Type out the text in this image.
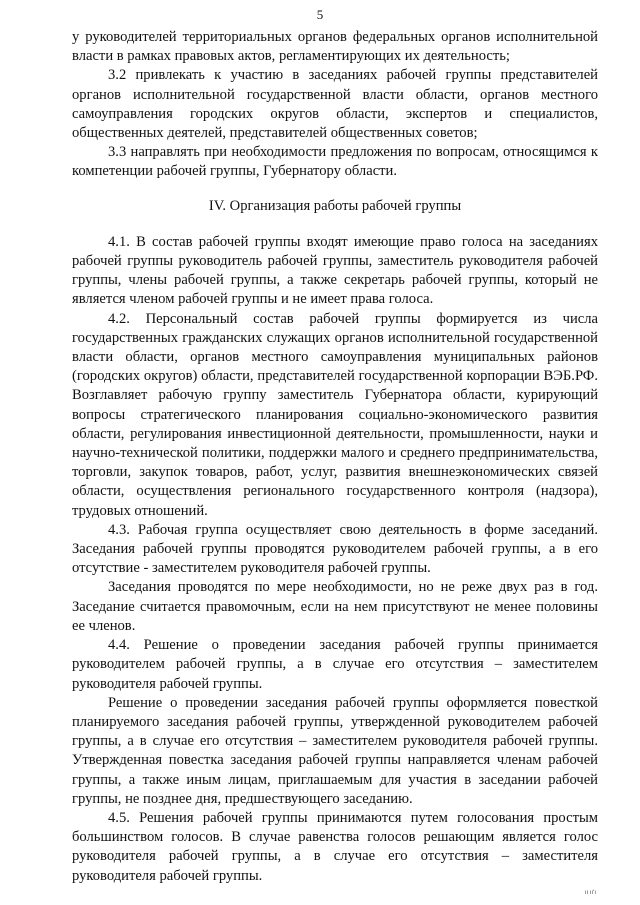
5

у руководителей территориальных органов федеральных органов исполнительной власти в рамках правовых актов, регламентирующих их деятельность;

3.2 привлекать к участию в заседаниях рабочей группы представителей органов исполнительной государственной власти области, органов местного самоуправления городских округов области, экспертов и специалистов, общественных деятелей, представителей общественных советов;

3.3 направлять при необходимости предложения по вопросам, относящимся к компетенции рабочей группы, Губернатору области.

IV. Организация работы рабочей группы

4.1. В состав рабочей группы входят имеющие право голоса на заседаниях рабочей группы руководитель рабочей группы, заместитель руководителя рабочей группы, члены рабочей группы, а также секретарь рабочей группы, который не является членом рабочей группы и не имеет права голоса.

4.2. Персональный состав рабочей группы формируется из числа государственных гражданских служащих органов исполнительной государственной власти области, органов местного самоуправления муниципальных районов (городских округов) области, представителей государственной корпорации ВЭБ.РФ. Возглавляет рабочую группу заместитель Губернатора области, курирующий вопросы стратегического планирования социально-экономического развития области, регулирования инвестиционной деятельности, промышленности, науки и научно-технической политики, поддержки малого и среднего предпринимательства, торговли, закупок товаров, работ, услуг, развития внешнеэкономических связей области, осуществления регионального государственного контроля (надзора), трудовых отношений.

4.3. Рабочая группа осуществляет свою деятельность в форме заседаний. Заседания рабочей группы проводятся руководителем рабочей группы, а в его отсутствие - заместителем руководителя рабочей группы.

Заседания проводятся по мере необходимости, но не реже двух раз в год. Заседание считается правомочным, если на нем присутствуют не менее половины ее членов.

4.4. Решение о проведении заседания рабочей группы принимается руководителем рабочей группы, а в случае его отсутствия – заместителем руководителя рабочей группы.

Решение о проведении заседания рабочей группы оформляется повесткой планируемого заседания рабочей группы, утвержденной руководителем рабочей группы, а в случае его отсутствия – заместителем руководителя рабочей группы. Утвержденная повестка заседания рабочей группы направляется членам рабочей группы, а также иным лицам, приглашаемым для участия в заседании рабочей группы, не позднее дня, предшествующего заседанию.

4.5. Решения рабочей группы принимаются путем голосования простым большинством голосов. В случае равенства голосов решающим является голос руководителя рабочей группы, а в случае его отсутствия – заместителя руководителя рабочей группы.

ıı ıı'ı
